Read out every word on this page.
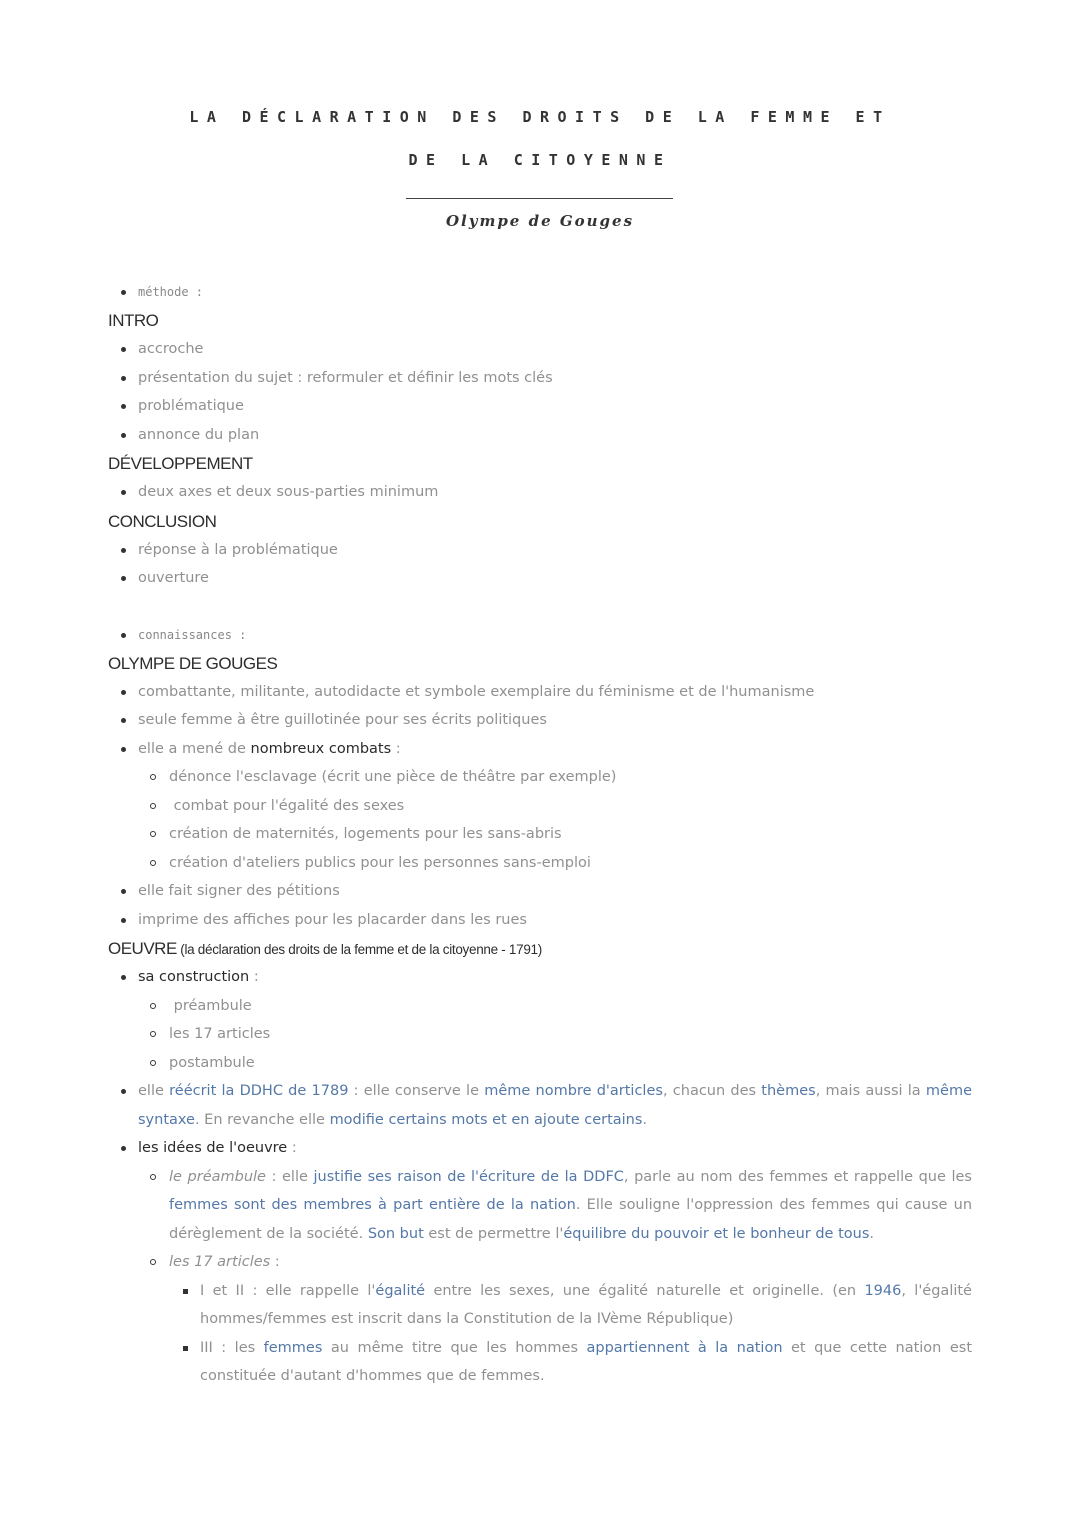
LA DÉCLARATION DES DROITS DE LA FEMME ET
DE LA CITOYENNE
Olympe de Gouges
méthode :
INTRO
accroche
présentation du sujet : reformuler et définir les mots clés
problématique
annonce du plan
DÉVELOPPEMENT
deux axes et deux sous-parties minimum
CONCLUSION
réponse à la problématique
ouverture
connaissances :
OLYMPE DE GOUGES
combattante, militante, autodidacte et symbole exemplaire du féminisme et de l'humanisme
seule femme à être guillotinée pour ses écrits politiques
elle a mené de nombreux combats :
dénonce l'esclavage (écrit une pièce de théâtre par exemple)
combat pour l'égalité des sexes
création de maternités, logements pour les sans-abris
création d'ateliers publics pour les personnes sans-emploi
elle fait signer des pétitions
imprime des affiches pour les placarder dans les rues
OEUVRE (la déclaration des droits de la femme et de la citoyenne - 1791)
sa construction :
préambule
les 17 articles
postambule
elle réécrit la DDHC de 1789 : elle conserve le même nombre d'articles, chacun des thèmes, mais aussi la même syntaxe. En revanche elle modifie certains mots et en ajoute certains.
les idées de l'oeuvre :
le préambule : elle justifie ses raison de l'écriture de la DDFC, parle au nom des femmes et rappelle que les femmes sont des membres à part entière de la nation. Elle souligne l'oppression des femmes qui cause un dérèglement de la société. Son but est de permettre l'équilibre du pouvoir et le bonheur de tous.
les 17 articles :
I et II : elle rappelle l'égalité entre les sexes, une égalité naturelle et originelle. (en 1946, l'égalité hommes/femmes est inscrit dans la Constitution de la IVème République)
III : les femmes au même titre que les hommes appartiennent à la nation et que cette nation est constituée d'autant d'hommes que de femmes.
